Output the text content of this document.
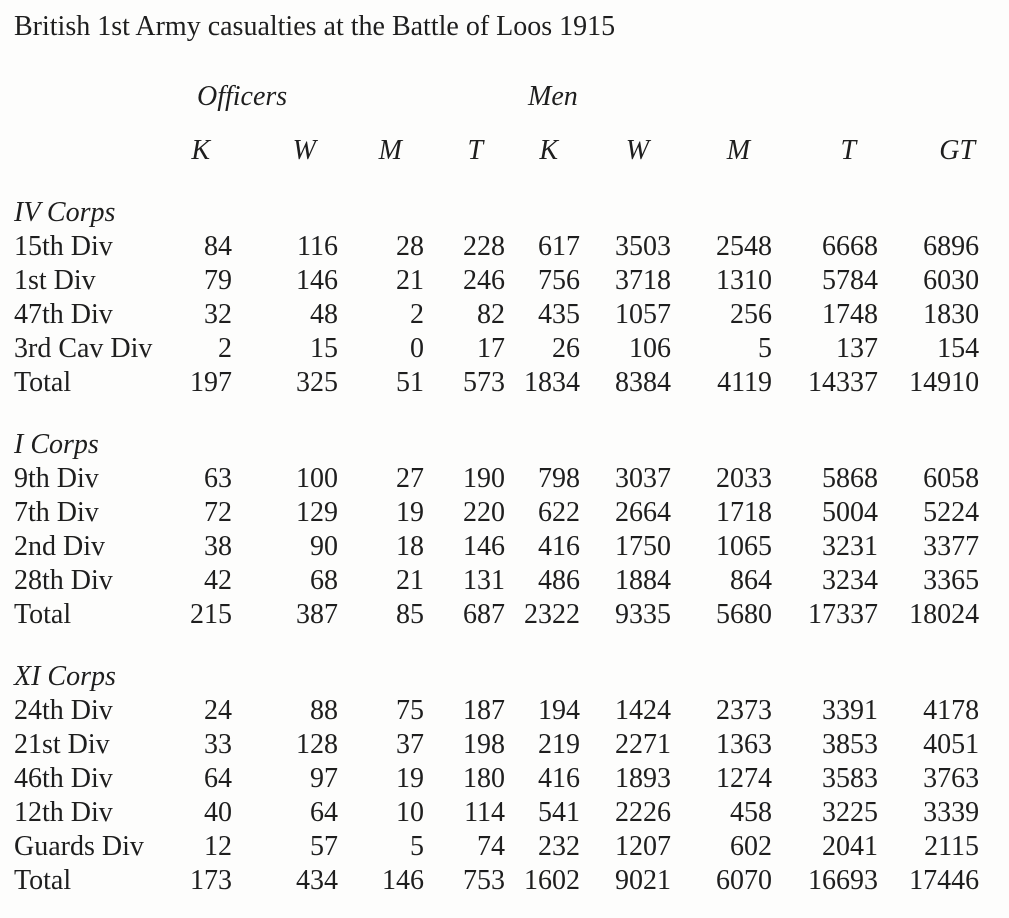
British 1st Army casualties at the Battle of Loos 1915

	Officers				Men				
	K	W	M	T	K	W	M	T	GT
IV Corps									
15th Div	84	116	28	228	617	3503	2548	6668	6896
1st Div	79	146	21	246	756	3718	1310	5784	6030
47th Div	32	48	2	82	435	1057	256	1748	1830
3rd Cav Div	2	15	0	17	26	106	5	137	154
Total	197	325	51	573	1834	8384	4119	14337	14910
I Corps									
9th Div	63	100	27	190	798	3037	2033	5868	6058
7th Div	72	129	19	220	622	2664	1718	5004	5224
2nd Div	38	90	18	146	416	1750	1065	3231	3377
28th Div	42	68	21	131	486	1884	864	3234	3365
Total	215	387	85	687	2322	9335	5680	17337	18024
XI Corps									
24th Div	24	88	75	187	194	1424	2373	3391	4178
21st Div	33	128	37	198	219	2271	1363	3853	4051
46th Div	64	97	19	180	416	1893	1274	3583	3763
12th Div	40	64	10	114	541	2226	458	3225	3339
Guards Div	12	57	5	74	232	1207	602	2041	2115
Total	173	434	146	753	1602	9021	6070	16693	17446
